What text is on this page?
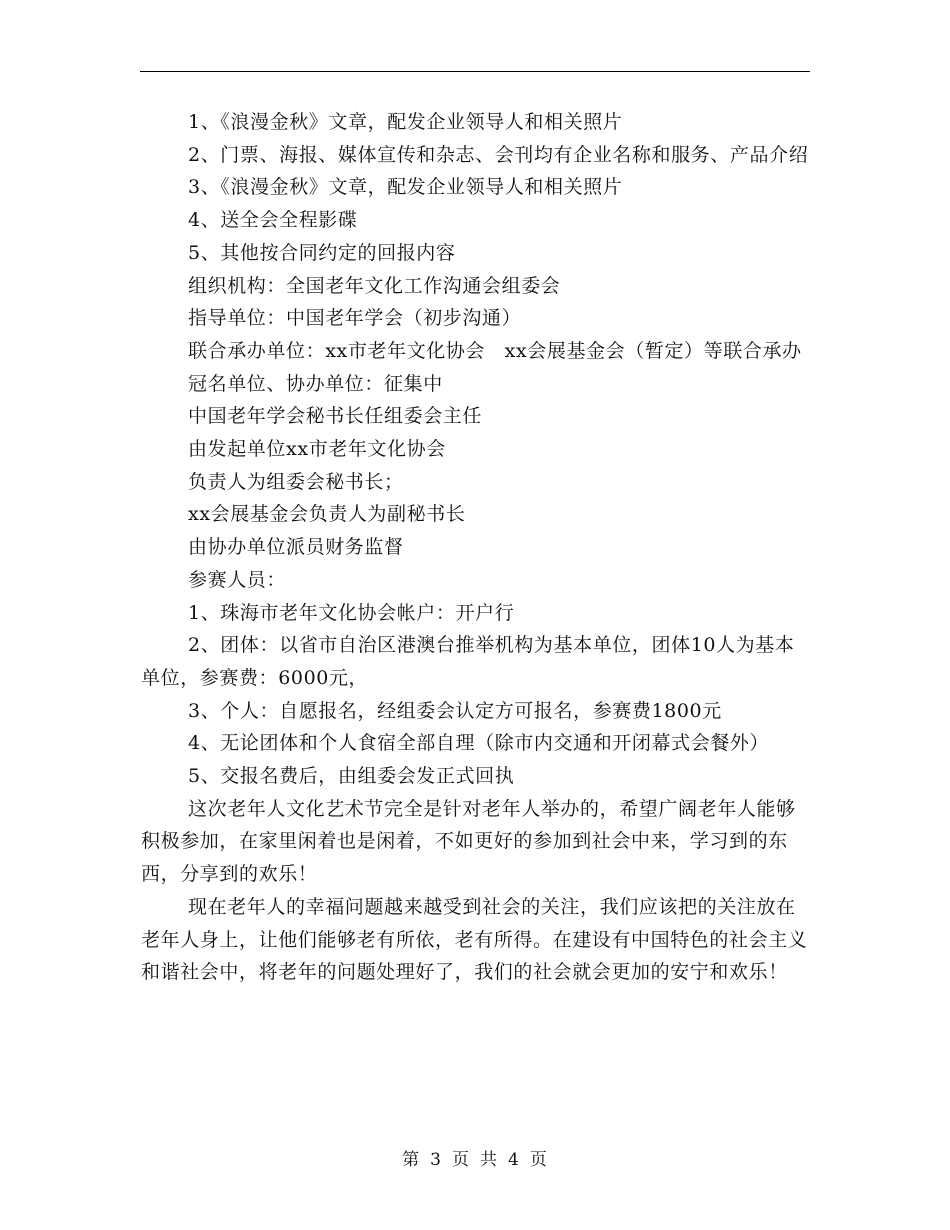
1、《浪漫金秋》文章，配发企业领导人和相关照片

2、门票、海报、媒体宣传和杂志、会刊均有企业名称和服务、产品介绍

3、《浪漫金秋》文章，配发企业领导人和相关照片

4、送全会全程影碟

5、其他按合同约定的回报内容

组织机构：全国老年文化工作沟通会组委会

指导单位：中国老年学会（初步沟通）

联合承办单位：xx市老年文化协会　xx会展基金会（暂定）等联合承办

冠名单位、协办单位：征集中

中国老年学会秘书长任组委会主任

由发起单位xx市老年文化协会

负责人为组委会秘书长；

xx会展基金会负责人为副秘书长

由协办单位派员财务监督

参赛人员：

1、珠海市老年文化协会帐户：开户行

2、团体：以省市自治区港澳台推举机构为基本单位，团体10人为基本单位，参赛费：6000元，

3、个人：自愿报名，经组委会认定方可报名，参赛费1800元

4、无论团体和个人食宿全部自理（除市内交通和开闭幕式会餐外）

5、交报名费后，由组委会发正式回执

这次老年人文化艺术节完全是针对老年人举办的，希望广阔老年人能够积极参加，在家里闲着也是闲着，不如更好的参加到社会中来，学习到的东西，分享到的欢乐！

现在老年人的幸福问题越来越受到社会的关注，我们应该把的关注放在老年人身上，让他们能够老有所依，老有所得。在建设有中国特色的社会主义和谐社会中，将老年的问题处理好了，我们的社会就会更加的安宁和欢乐！

第 3 页 共 4 页
